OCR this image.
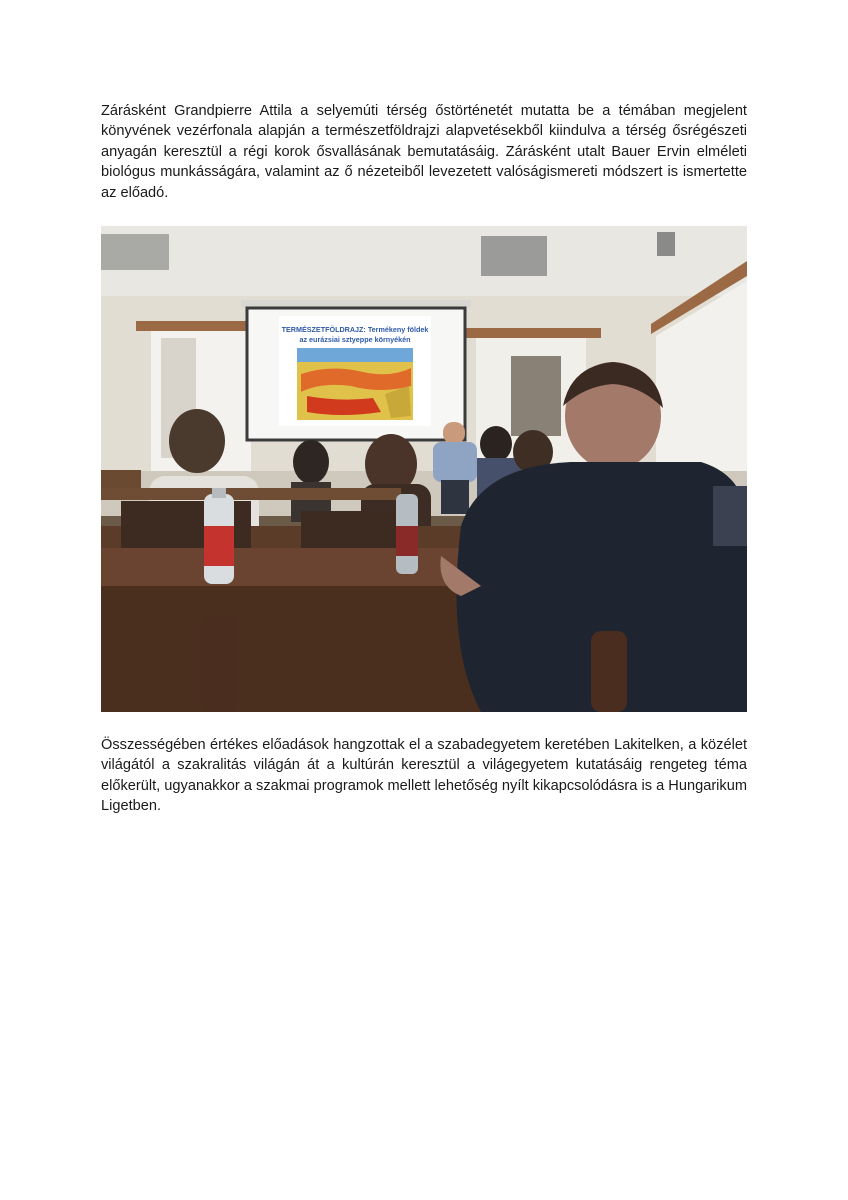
Zárásként Grandpierre Attila a selyemúti térség őstörténetét mutatta be a témában megjelent könyvének vezérfonala alapján a természetföldrajzi alapvetésekből kiindulva a térség ősrégészeti anyagán keresztül a régi korok ősvallásának bemutatásáig. Zárásként utalt Bauer Ervin elméleti biológus munkásságára, valamint az ő nézeteiből levezetett valóságismereti módszert is ismertette az előadó.

TERMÉSZETFÖLDRAJZ: Termékeny földek
az eurázsiai sztyeppe környékén

Összességében értékes előadások hangzottak el a szabadegyetem keretében Lakitelken, a közélet világától a szakralitás világán át a kultúrán keresztül a világegyetem kutatásáig rengeteg téma előkerült, ugyanakkor a szakmai programok mellett lehetőség nyílt kikapcsolódásra is a Hungarikum Ligetben.
